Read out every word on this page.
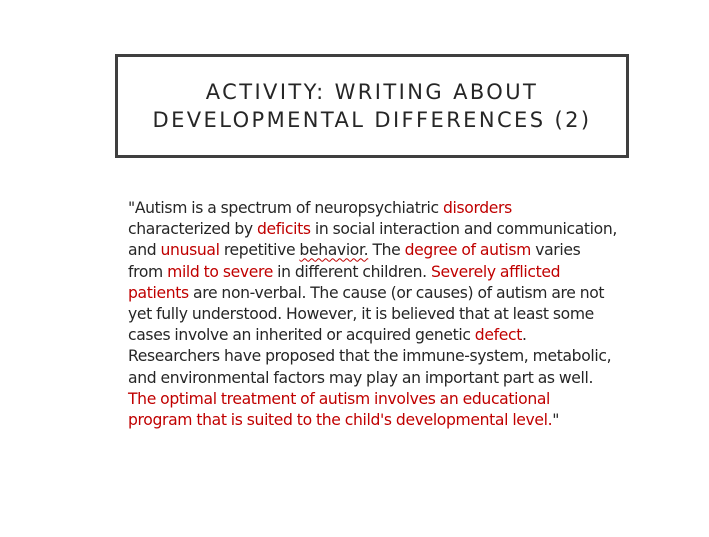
ACTIVITY: WRITING ABOUT
DEVELOPMENTAL DIFFERENCES (2)

"Autism is a spectrum of neuropsychiatric disorders characterized by deficits in social interaction and communication, and unusual repetitive behavior. The degree of autism varies from mild to severe in different children. Severely afflicted patients are non-verbal. The cause (or causes) of autism are not yet fully understood. However, it is believed that at least some cases involve an inherited or acquired genetic defect. Researchers have proposed that the immune-system, metabolic, and environmental factors may play an important part as well. The optimal treatment of autism involves an educational program that is suited to the child's developmental level."
